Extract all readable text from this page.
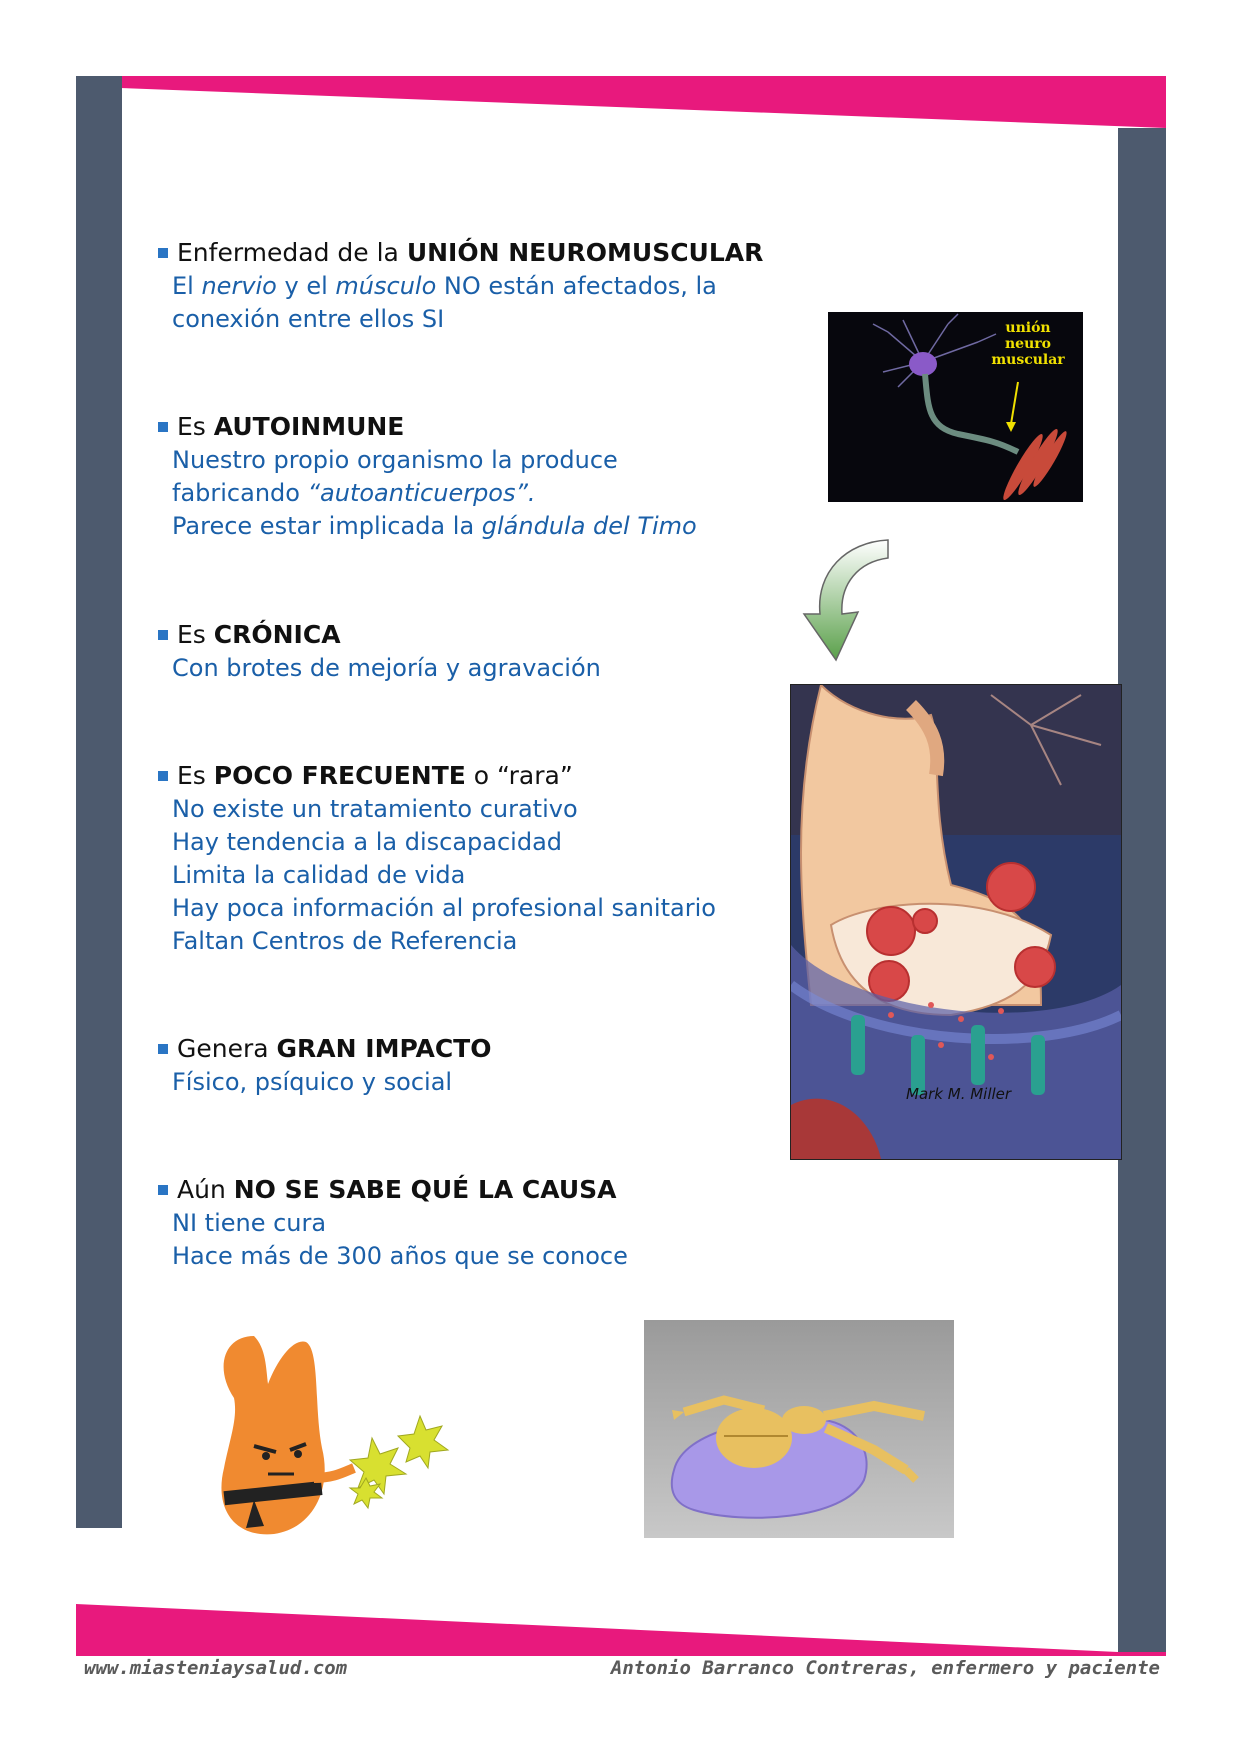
Enfermedad de la UNIÓN NEUROMUSCULAR
El nervio y el músculo NO están afectados, la
conexión entre ellos SI
Es AUTOINMUNE
Nuestro propio organismo la produce
fabricando “autoanticuerpos”.
Parece estar implicada la glándula del Timo
Es CRÓNICA
Con brotes de mejoría y agravación
Es POCO FRECUENTE o “rara”
No existe un tratamiento curativo
Hay tendencia a la discapacidad
Limita la calidad de vida
Hay poca información al profesional sanitario
Faltan Centros de Referencia
Genera GRAN IMPACTO
Físico, psíquico y social
Aún NO SE SABE QUÉ LA CAUSA
NI tiene cura
Hace más de 300 años que se conoce
unión
neuro
muscular
Mark M. Miller
www.miasteniaysalud.com	Antonio Barranco Contreras, enfermero y paciente
